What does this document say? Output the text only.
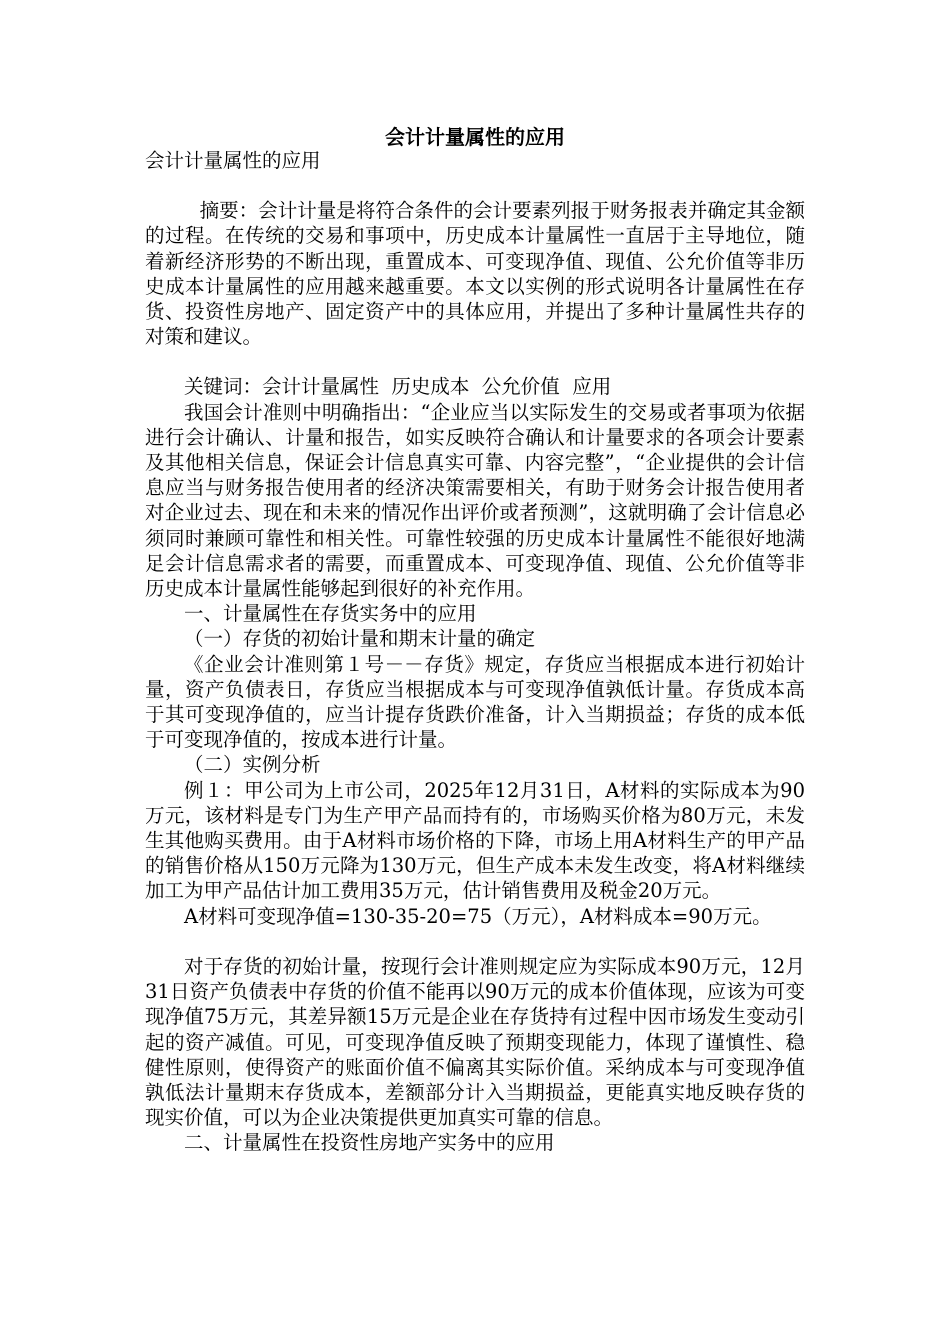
会计计量属性的应用

会计计量属性的应用

摘要：会计计量是将符合条件的会计要素列报于财务报表并确定其金额的过程。在传统的交易和事项中，历史成本计量属性一直居于主导地位，随着新经济形势的不断出现，重置成本、可变现净值、现值、公允价值等非历史成本计量属性的应用越来越重要。本文以实例的形式说明各计量属性在存货、投资性房地产、固定资产中的具体应用，并提出了多种计量属性共存的对策和建议。

关键词：会计计量属性  历史成本  公允价值  应用

我国会计准则中明确指出：“企业应当以实际发生的交易或者事项为依据进行会计确认、计量和报告，如实反映符合确认和计量要求的各项会计要素及其他相关信息，保证会计信息真实可靠、内容完整”，“企业提供的会计信息应当与财务报告使用者的经济决策需要相关，有助于财务会计报告使用者对企业过去、现在和未来的情况作出评价或者预测”，这就明确了会计信息必须同时兼顾可靠性和相关性。可靠性较强的历史成本计量属性不能很好地满足会计信息需求者的需要，而重置成本、可变现净值、现值、公允价值等非历史成本计量属性能够起到很好的补充作用。

一、计量属性在存货实务中的应用

（一）存货的初始计量和期末计量的确定

《企业会计准则第１号－－存货》规定，存货应当根据成本进行初始计量，资产负债表日，存货应当根据成本与可变现净值孰低计量。存货成本高于其可变现净值的，应当计提存货跌价准备，计入当期损益；存货的成本低于可变现净值的，按成本进行计量。

（二）实例分析

例１：甲公司为上市公司，2025年12月31日，A材料的实际成本为90万元，该材料是专门为生产甲产品而持有的，市场购买价格为80万元，未发生其他购买费用。由于A材料市场价格的下降，市场上用A材料生产的甲产品的销售价格从150万元降为130万元，但生产成本未发生改变，将A材料继续加工为甲产品估计加工费用35万元，估计销售费用及税金20万元。

A材料可变现净值=130-35-20=75（万元），A材料成本=90万元。

对于存货的初始计量，按现行会计准则规定应为实际成本90万元，12月31日资产负债表中存货的价值不能再以90万元的成本价值体现，应该为可变现净值75万元，其差异额15万元是企业在存货持有过程中因市场发生变动引起的资产减值。可见，可变现净值反映了预期变现能力，体现了谨慎性、稳健性原则，使得资产的账面价值不偏离其实际价值。采纳成本与可变现净值孰低法计量期末存货成本，差额部分计入当期损益，更能真实地反映存货的现实价值，可以为企业决策提供更加真实可靠的信息。

二、计量属性在投资性房地产实务中的应用
